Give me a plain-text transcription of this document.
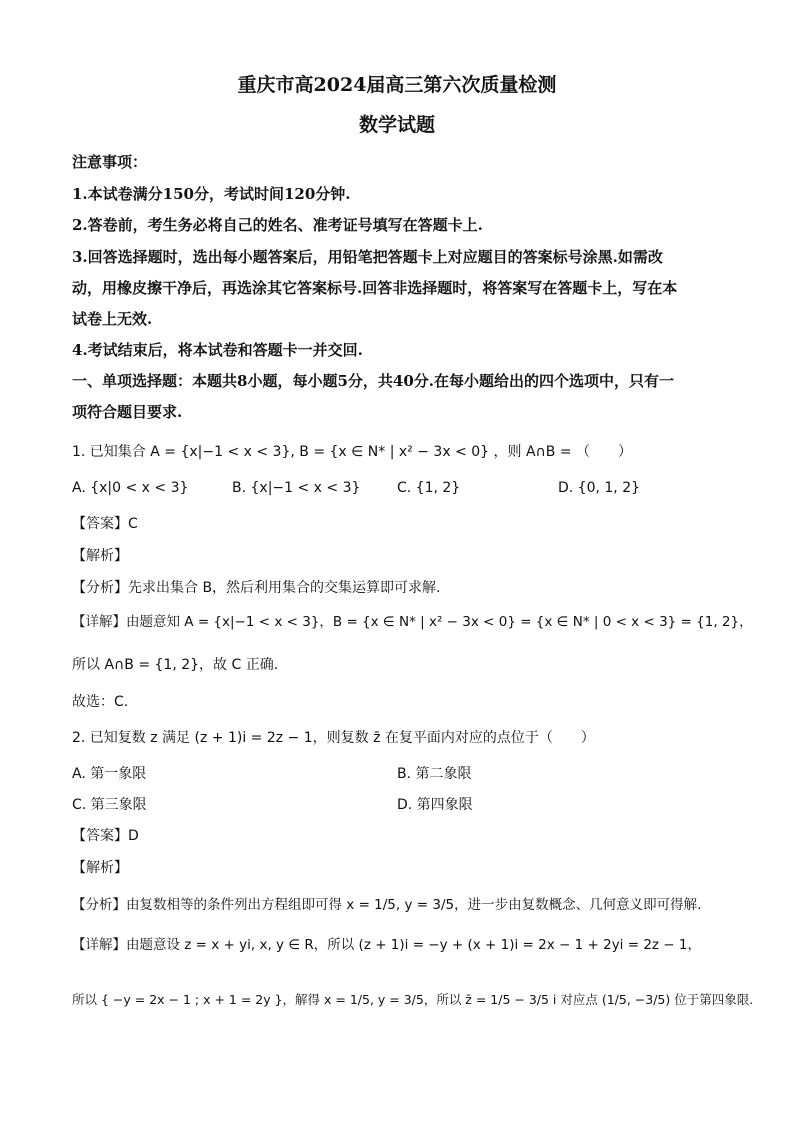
重庆市高2024届高三第六次质量检测
数学试题
注意事项：
1.本试卷满分150分，考试时间120分钟.
2.答卷前，考生务必将自己的姓名、准考证号填写在答题卡上.
3.回答选择题时，选出每小题答案后，用铅笔把答题卡上对应题目的答案标号涂黑.如需改
动，用橡皮擦干净后，再选涂其它答案标号.回答非选择题时，将答案写在答题卡上，写在本
试卷上无效.
4.考试结束后，将本试卷和答题卡一并交回.
一、单项选择题：本题共8小题，每小题5分，共40分.在每小题给出的四个选项中，只有一
项符合题目要求.
1. 已知集合 A = {x|−1 < x < 3}, B = {x ∈ N* | x² − 3x < 0} ，则 A∩B = （　　）
A. {x|0 < x < 3}	B. {x|−1 < x < 3}	C. {1, 2}	D. {0, 1, 2}
【答案】C
【解析】
【分析】先求出集合 B，然后利用集合的交集运算即可求解.
【详解】由题意知 A = {x|−1 < x < 3}，B = {x ∈ N* | x² − 3x < 0} = {x ∈ N* | 0 < x < 3} = {1, 2}，
所以 A∩B = {1, 2}，故 C 正确.
故选：C.
2. 已知复数 z 满足 (z + 1)i = 2z − 1，则复数 z̄ 在复平面内对应的点位于（　　）
A. 第一象限	B. 第二象限
C. 第三象限	D. 第四象限
【答案】D
【解析】
【分析】由复数相等的条件列出方程组即可得 x = 1/5, y = 3/5，进一步由复数概念、几何意义即可得解.
【详解】由题意设 z = x + yi, x, y ∈ R，所以 (z + 1)i = −y + (x + 1)i = 2x − 1 + 2yi = 2z − 1，
所以 { −y = 2x − 1 ; x + 1 = 2y }，解得 x = 1/5, y = 3/5，所以 z̄ = 1/5 − 3/5 i 对应点 (1/5, −3/5) 位于第四象限.
